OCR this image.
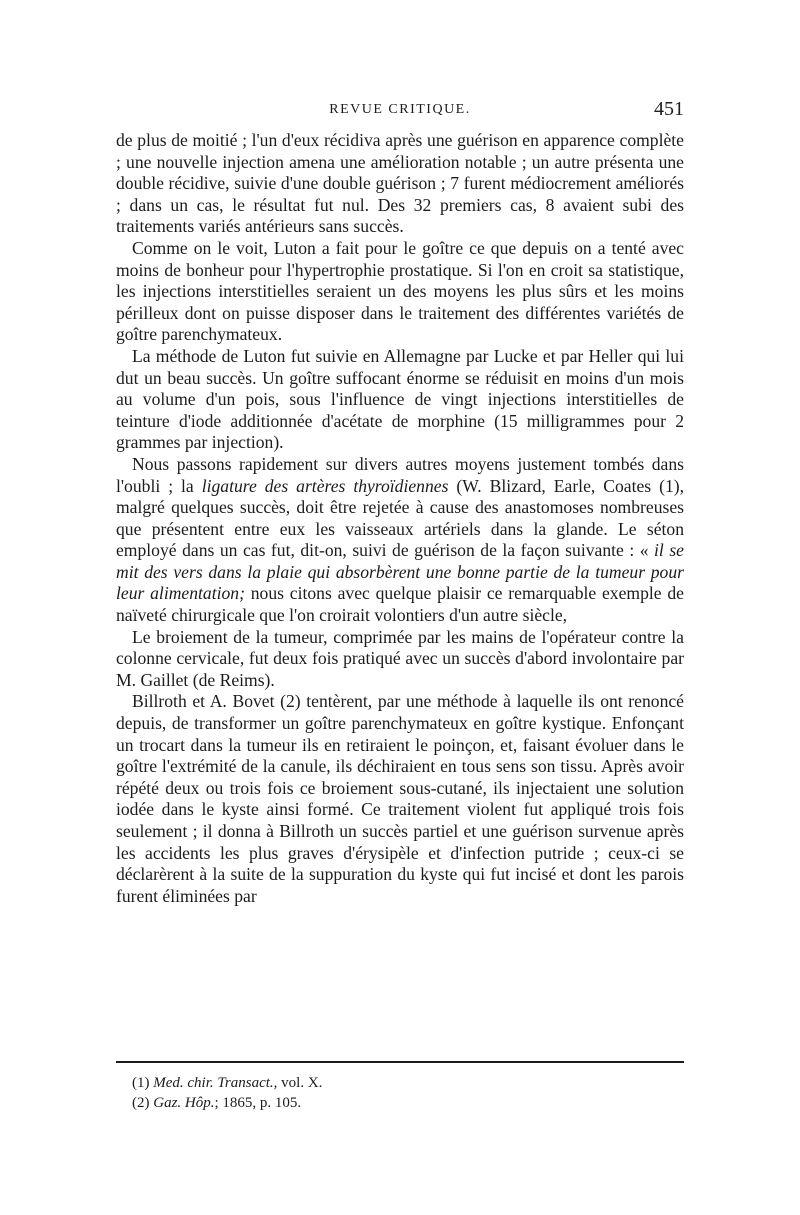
REVUE CRITIQUE.	451

de plus de moitié ; l'un d'eux récidiva après une guérison en apparence complète ; une nouvelle injection amena une amélioration notable ; un autre présenta une double récidive, suivie d'une double guérison ; 7 furent médiocrement améliorés ; dans un cas, le résultat fut nul. Des 32 premiers cas, 8 avaient subi des traitements variés antérieurs sans succès.

Comme on le voit, Luton a fait pour le goître ce que depuis on a tenté avec moins de bonheur pour l'hypertrophie prostatique. Si l'on en croit sa statistique, les injections interstitielles seraient un des moyens les plus sûrs et les moins périlleux dont on puisse disposer dans le traitement des différentes variétés de goître parenchymateux.

La méthode de Luton fut suivie en Allemagne par Lucke et par Heller qui lui dut un beau succès. Un goître suffocant énorme se réduisit en moins d'un mois au volume d'un pois, sous l'influence de vingt injections interstitielles de teinture d'iode additionnée d'acétate de morphine (15 milligrammes pour 2 grammes par injection).

Nous passons rapidement sur divers autres moyens justement tombés dans l'oubli ; la ligature des artères thyroïdiennes (W. Blizard, Earle, Coates (1), malgré quelques succès, doit être rejetée à cause des anastomoses nombreuses que présentent entre eux les vaisseaux artériels dans la glande. Le séton employé dans un cas fut, dit-on, suivi de guérison de la façon suivante : « il se mit des vers dans la plaie qui absorbèrent une bonne partie de la tumeur pour leur alimentation; nous citons avec quelque plaisir ce remarquable exemple de naïveté chirurgicale que l'on croirait volontiers d'un autre siècle,

Le broiement de la tumeur, comprimée par les mains de l'opérateur contre la colonne cervicale, fut deux fois pratiqué avec un succès d'abord involontaire par M. Gaillet (de Reims).

Billroth et A. Bovet (2) tentèrent, par une méthode à laquelle ils ont renoncé depuis, de transformer un goître parenchymateux en goître kystique. Enfonçant un trocart dans la tumeur ils en retiraient le poinçon, et, faisant évoluer dans le goître l'extrémité de la canule, ils déchiraient en tous sens son tissu. Après avoir répété deux ou trois fois ce broiement sous-cutané, ils injectaient une solution iodée dans le kyste ainsi formé. Ce traitement violent fut appliqué trois fois seulement ; il donna à Billroth un succès partiel et une guérison survenue après les accidents les plus graves d'érysipèle et d'infection putride ; ceux-ci se déclarèrent à la suite de la suppuration du kyste qui fut incisé et dont les parois furent éliminées par

(1) Med. chir. Transact., vol. X.
(2) Gaz. Hôp.; 1865, p. 105.
